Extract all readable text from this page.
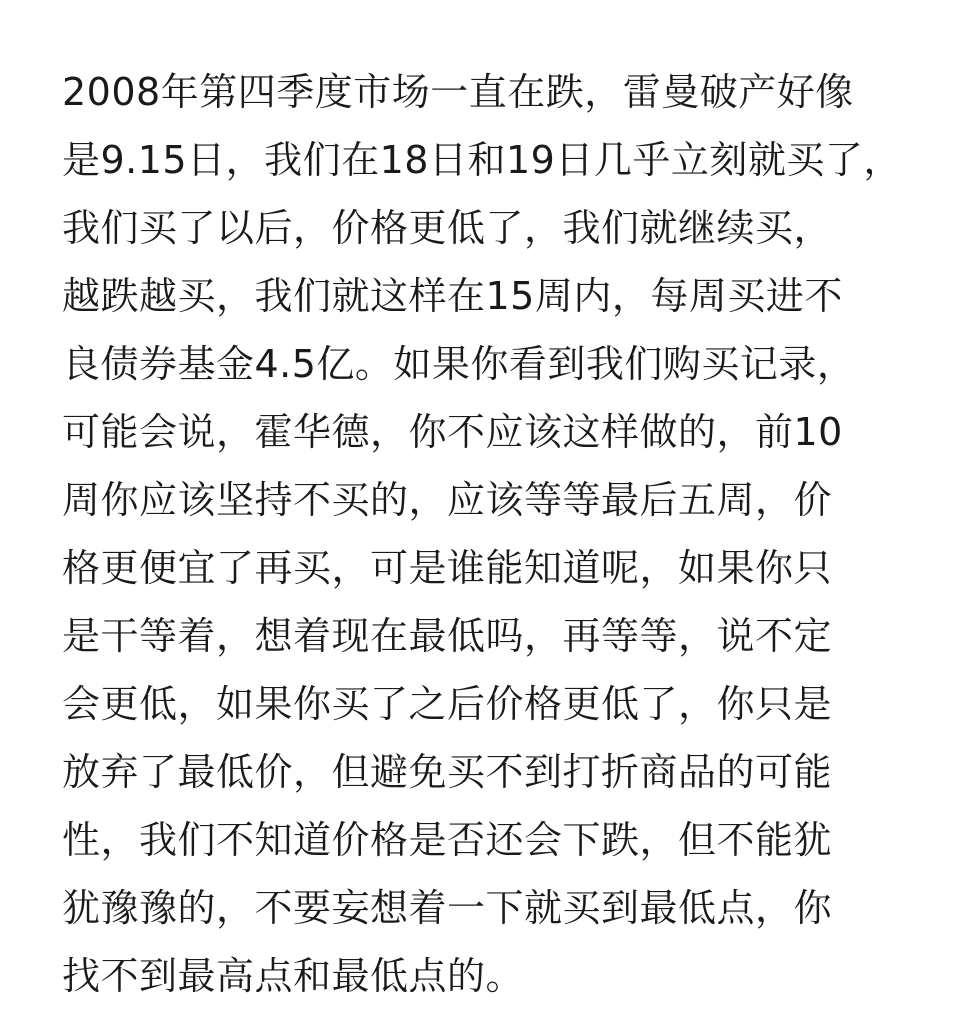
2008年第四季度市场一直在跌，雷曼破产好像
是9.15日，我们在18日和19日几乎立刻就买了，
我们买了以后，价格更低了，我们就继续买，
越跌越买，我们就这样在15周内，每周买进不
良债券基金4.5亿。如果你看到我们购买记录，
可能会说，霍华德，你不应该这样做的，前10
周你应该坚持不买的，应该等等最后五周，价
格更便宜了再买，可是谁能知道呢，如果你只
是干等着，想着现在最低吗，再等等，说不定
会更低，如果你买了之后价格更低了，你只是
放弃了最低价，但避免买不到打折商品的可能
性，我们不知道价格是否还会下跌，但不能犹
犹豫豫的，不要妄想着一下就买到最低点，你
找不到最高点和最低点的。
